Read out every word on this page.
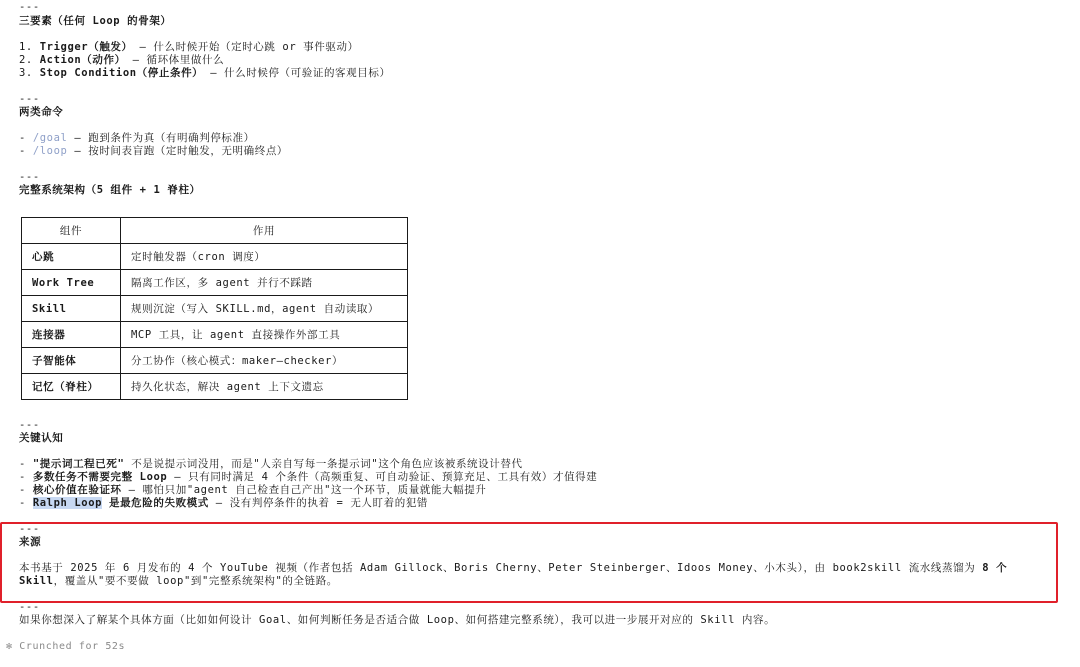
---
三要素（任何 Loop 的骨架）
1. Trigger（触发） — 什么时候开始（定时心跳 or 事件驱动）
2. Action（动作） — 循环体里做什么
3. Stop Condition（停止条件） — 什么时候停（可验证的客观目标）
---
两类命令
- /goal — 跑到条件为真（有明确判停标准）
- /loop — 按时间表盲跑（定时触发，无明确终点）
---
完整系统架构（5 组件 + 1 脊柱）
组件	作用
心跳	定时触发器（cron 调度）
Work Tree	隔离工作区，多 agent 并行不踩踏
Skill	规则沉淀（写入 SKILL.md，agent 自动读取）
连接器	MCP 工具，让 agent 直接操作外部工具
子智能体	分工协作（核心模式：maker–checker）
记忆（脊柱）	持久化状态，解决 agent 上下文遗忘
---
关键认知
- "提示词工程已死" 不是说提示词没用，而是"人亲自写每一条提示词"这个角色应该被系统设计替代
- 多数任务不需要完整 Loop — 只有同时满足 4 个条件（高频重复、可自动验证、预算充足、工具有效）才值得建
- 核心价值在验证环 — 哪怕只加"agent 自己检查自己产出"这一个环节，质量就能大幅提升
- Ralph Loop 是最危险的失败模式 — 没有判停条件的执着 = 无人盯着的犯错
---
来源
本书基于 2025 年 6 月发布的 4 个 YouTube 视频（作者包括 Adam Gillock、Boris Cherny、Peter Steinberger、Idoos Money、小木头），由 book2skill 流水线蒸馏为 8 个
Skill，覆盖从"要不要做 loop"到"完整系统架构"的全链路。
---
如果你想深入了解某个具体方面（比如如何设计 Goal、如何判断任务是否适合做 Loop、如何搭建完整系统），我可以进一步展开对应的 Skill 内容。
✻ Crunched for 52s
